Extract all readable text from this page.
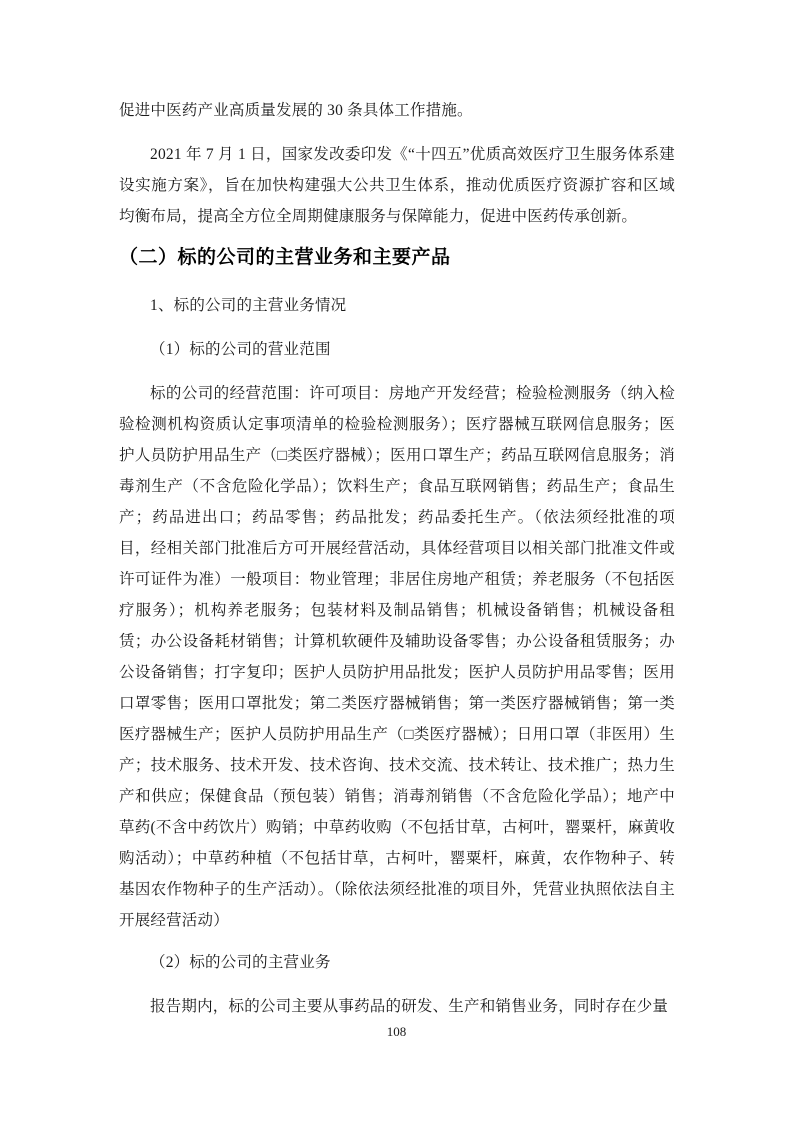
促进中医药产业高质量发展的 30 条具体工作措施。

2021 年 7 月 1 日，国家发改委印发《“十四五”优质高效医疗卫生服务体系建设实施方案》，旨在加快构建强大公共卫生体系，推动优质医疗资源扩容和区域均衡布局，提高全方位全周期健康服务与保障能力，促进中医药传承创新。

（二）标的公司的主营业务和主要产品

1、标的公司的主营业务情况

（1）标的公司的营业范围

标的公司的经营范围：许可项目：房地产开发经营；检验检测服务（纳入检验检测机构资质认定事项清单的检验检测服务）；医疗器械互联网信息服务；医护人员防护用品生产（□类医疗器械）；医用口罩生产；药品互联网信息服务；消毒剂生产（不含危险化学品）；饮料生产；食品互联网销售；药品生产；食品生产；药品进出口；药品零售；药品批发；药品委托生产。（依法须经批准的项目，经相关部门批准后方可开展经营活动，具体经营项目以相关部门批准文件或许可证件为准）一般项目：物业管理；非居住房地产租赁；养老服务（不包括医疗服务）；机构养老服务；包装材料及制品销售；机械设备销售；机械设备租赁；办公设备耗材销售；计算机软硬件及辅助设备零售；办公设备租赁服务；办公设备销售；打字复印；医护人员防护用品批发；医护人员防护用品零售；医用口罩零售；医用口罩批发；第二类医疗器械销售；第一类医疗器械销售；第一类医疗器械生产；医护人员防护用品生产（□类医疗器械）；日用口罩（非医用）生产；技术服务、技术开发、技术咨询、技术交流、技术转让、技术推广；热力生产和供应；保健食品（预包装）销售；消毒剂销售（不含危险化学品）；地产中草药(不含中药饮片）购销；中草药收购（不包括甘草，古柯叶，罂粟杆，麻黄收购活动）；中草药种植（不包括甘草，古柯叶，罂粟杆，麻黄，农作物种子、转基因农作物种子的生产活动）。（除依法须经批准的项目外，凭营业执照依法自主开展经营活动）

（2）标的公司的主营业务

报告期内，标的公司主要从事药品的研发、生产和销售业务，同时存在少量

108
